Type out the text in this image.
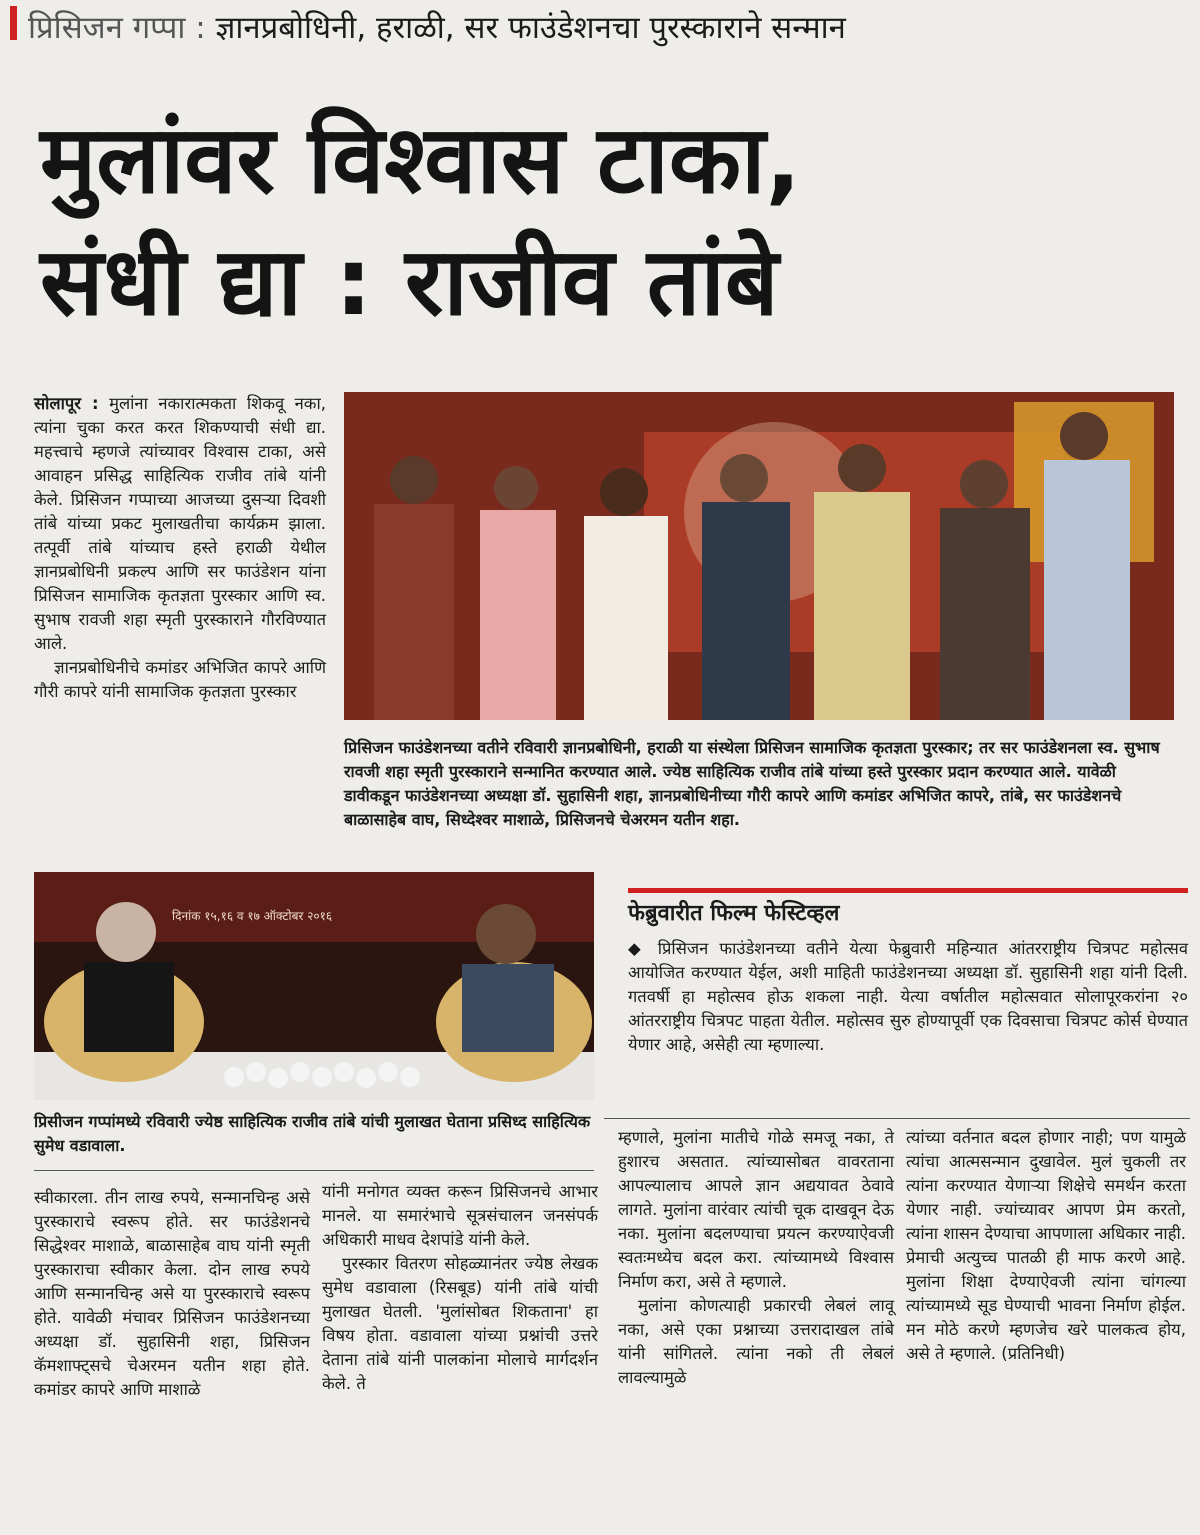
प्रिसिजन गप्पा : ज्ञानप्रबोधिनी, हराळी, सर फाउंडेशनचा पुरस्काराने सन्मान
मुलांवर विश्वास टाका,
संधी द्या : राजीव तांबे

सोलापूर : मुलांना नकारात्मकता शिकवू नका, त्यांना चुका करत करत शिकण्याची संधी द्या. महत्त्वाचे म्हणजे त्यांच्यावर विश्वास टाका, असे आवाहन प्रसिद्ध साहित्यिक राजीव तांबे यांनी केले. प्रिसिजन गप्पाच्या आजच्या दुसऱ्या दिवशी तांबे यांच्या प्रकट मुलाखतीचा कार्यक्रम झाला. तत्पूर्वी तांबे यांच्याच हस्ते हराळी येथील ज्ञानप्रबोधिनी प्रकल्प आणि सर फाउंडेशन यांना प्रिसिजन सामाजिक कृतज्ञता पुरस्कार आणि स्व. सुभाष रावजी शहा स्मृती पुरस्काराने गौरविण्यात आले.

ज्ञानप्रबोधिनीचे कमांडर अभिजित कापरे आणि गौरी कापरे यांनी सामाजिक कृतज्ञता पुरस्कार

प्रिसिजन फाउंडेशनच्या वतीने रविवारी ज्ञानप्रबोधिनी, हराळी या संस्थेला प्रिसिजन सामाजिक कृतज्ञता पुरस्कार; तर सर फाउंडेशनला स्व. सुभाष रावजी शहा स्मृती पुरस्काराने सन्मानित करण्यात आले. ज्येष्ठ साहित्यिक राजीव तांबे यांच्या हस्ते पुरस्कार प्रदान करण्यात आले. यावेळी डावीकडून फाउंडेशनच्या अध्यक्षा डॉ. सुहासिनी शहा, ज्ञानप्रबोधिनीच्या गौरी कापरे आणि कमांडर अभिजित कापरे, तांबे, सर फाउंडेशनचे बाळासाहेब वाघ, सिध्देश्वर माशाळे, प्रिसिजनचे चेअरमन यतीन शहा.
दिनांक १५,१६ व १७ ऑक्टोबर २०१६
प्रिसीजन गप्पांमध्ये रविवारी ज्येष्ठ साहित्यिक राजीव तांबे यांची मुलाखत घेताना प्रसिध्द साहित्यिक सुमेध वडावाला.
फेब्रुवारीत फिल्म फेस्टिव्हल
◆ प्रिसिजन फाउंडेशनच्या वतीने येत्या फेब्रुवारी महिन्यात आंतरराष्ट्रीय चित्रपट महोत्सव आयोजित करण्यात येईल, अशी माहिती फाउंडेशनच्या अध्यक्षा डॉ. सुहासिनी शहा यांनी दिली. गतवर्षी हा महोत्सव होऊ शकला नाही. येत्या वर्षातील महोत्सवात सोलापूरकरांना २० आंतरराष्ट्रीय चित्रपट पाहता येतील. महोत्सव सुरु होण्यापूर्वी एक दिवसाचा चित्रपट कोर्स घेण्यात येणार आहे, असेही त्या म्हणाल्या.

स्वीकारला. तीन लाख रुपये, सन्मानचिन्ह असे पुरस्काराचे स्वरूप होते. सर फाउंडेशनचे सिद्धेश्वर माशाळे, बाळासाहेब वाघ यांनी स्मृती पुरस्काराचा स्वीकार केला. दोन लाख रुपये आणि सन्मानचिन्ह असे या पुरस्काराचे स्वरूप होते. यावेळी मंचावर प्रिसिजन फाउंडेशनच्या अध्यक्षा डॉ. सुहासिनी शहा, प्रिसिजन कॅमशाफ्ट्सचे चेअरमन यतीन शहा होते. कमांडर कापरे आणि माशाळे

यांनी मनोगत व्यक्त करून प्रिसिजनचे आभार मानले. या समारंभाचे सूत्रसंचालन जनसंपर्क अधिकारी माधव देशपांडे यांनी केले.

पुरस्कार वितरण सोहळ्यानंतर ज्येष्ठ लेखक सुमेध वडावाला (रिसबूड) यांनी तांबे यांची मुलाखत घेतली. 'मुलांसोबत शिकताना' हा विषय होता. वडावाला यांच्या प्रश्नांची उत्तरे देताना तांबे यांनी पालकांना मोलाचे मार्गदर्शन केले. ते

म्हणाले, मुलांना मातीचे गोळे समजू नका, ते हुशारच असतात. त्यांच्यासोबत वावरताना आपल्यालाच आपले ज्ञान अद्ययावत ठेवावे लागते. मुलांना वारंवार त्यांची चूक दाखवून देऊ नका. मुलांना बदलण्याचा प्रयत्न करण्याऐवजी स्वतःमध्येच बदल करा. त्यांच्यामध्ये विश्वास निर्माण करा, असे ते म्हणाले.

मुलांना कोणत्याही प्रकारची लेबलं लावू नका, असे एका प्रश्नाच्या उत्तरादाखल तांबे यांनी सांगितले. त्यांना नको ती लेबलं लावल्यामुळे

त्यांच्या वर्तनात बदल होणार नाही; पण यामुळे त्यांचा आत्मसन्मान दुखावेल. मुलं चुकली तर त्यांना करण्यात येणाऱ्या शिक्षेचे समर्थन करता येणार नाही. ज्यांच्यावर आपण प्रेम करतो, त्यांना शासन देण्याचा आपणाला अधिकार नाही. प्रेमाची अत्युच्च पातळी ही माफ करणे आहे. मुलांना शिक्षा देण्याऐवजी त्यांना चांगल्या त्यांच्यामध्ये सूड घेण्याची भावना निर्माण होईल. मन मोठे करणे म्हणजेच खरे पालकत्व होय, असे ते म्हणाले. (प्रतिनिधी)
